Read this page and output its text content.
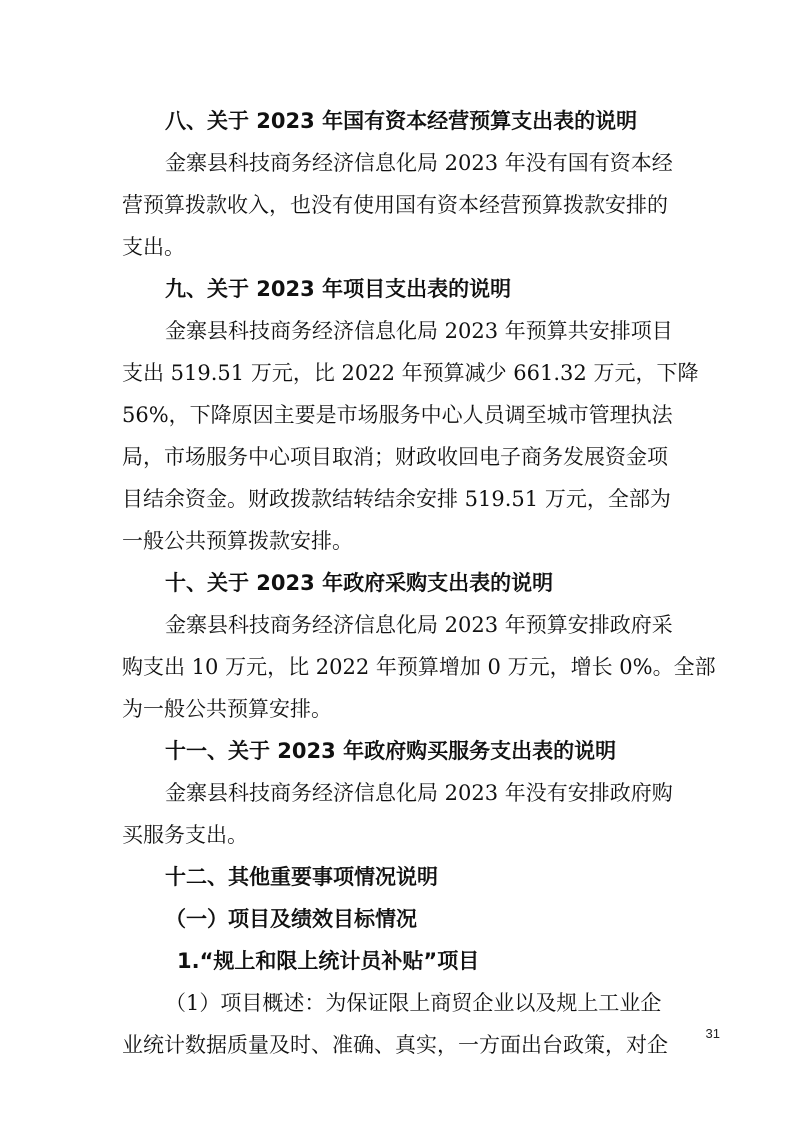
八、关于 2023 年国有资本经营预算支出表的说明
金寨县科技商务经济信息化局 2023 年没有国有资本经
营预算拨款收入，也没有使用国有资本经营预算拨款安排的
支出。
九、关于 2023 年项目支出表的说明
金寨县科技商务经济信息化局 2023 年预算共安排项目
支出 519.51 万元，比 2022 年预算减少 661.32 万元，下降
56%，下降原因主要是市场服务中心人员调至城市管理执法
局，市场服务中心项目取消；财政收回电子商务发展资金项
目结余资金。财政拨款结转结余安排 519.51 万元，全部为
一般公共预算拨款安排。
十、关于 2023 年政府采购支出表的说明
金寨县科技商务经济信息化局 2023 年预算安排政府采
购支出 10 万元，比 2022 年预算增加 0 万元，增长 0%。全部
为一般公共预算安排。
十一、关于 2023 年政府购买服务支出表的说明
金寨县科技商务经济信息化局 2023 年没有安排政府购
买服务支出。
十二、其他重要事项情况说明
（一）项目及绩效目标情况
1.“规上和限上统计员补贴”项目
（1）项目概述：为保证限上商贸企业以及规上工业企
业统计数据质量及时、准确、真实，一方面出台政策，对企	31
